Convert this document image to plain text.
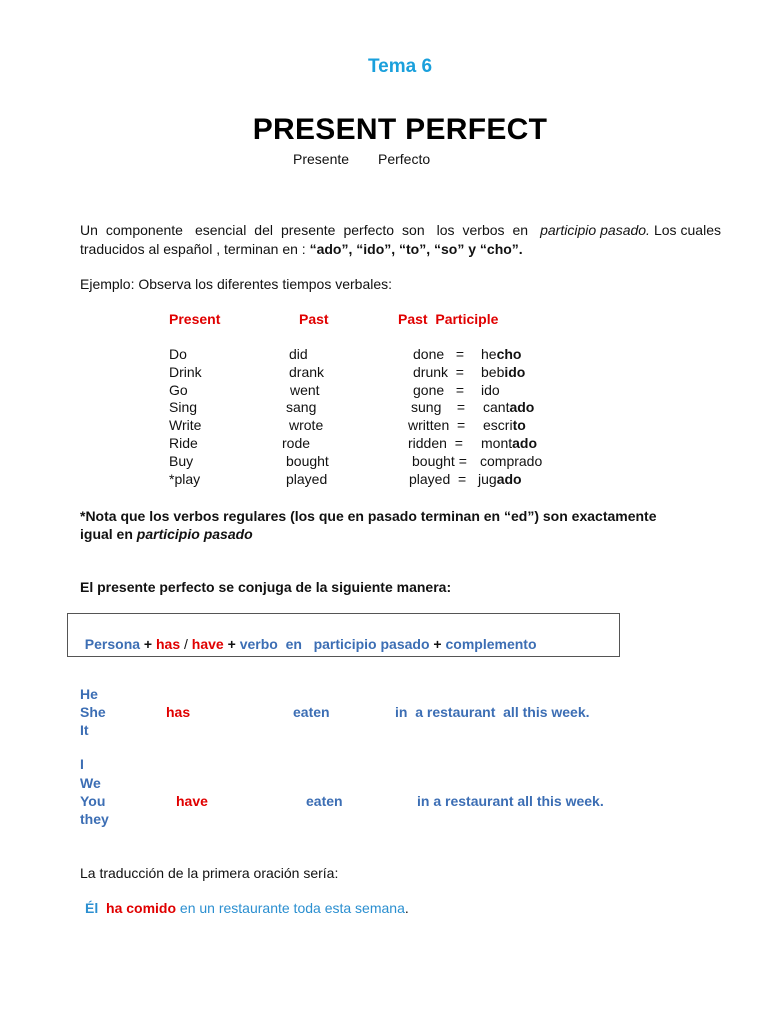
Tema 6
PRESENT PERFECT
Presente Perfecto
Un  componente   esencial  del  presente  perfecto  son   los  verbos  en   participio pasado. Los cuales traducidos al español , terminan en : “ado”, “ido”, “to”, “so” y “cho”.
Ejemplo: Observa los diferentes tiempos verbales:
Present	Past	Past  Participle
Do	did	done   = hecho
Drink	drank	drunk  = bebido
Go	went	gone   = ido
Sing	sang	sung    = cantado
Write	wrote	written  = escrito
Ride	rode	ridden  = montado
Buy	bought	bought = comprado
*play	played	played  = jugado
*Nota que los verbos regulares (los que en pasado terminan en “ed”) son exactamente
igual en participio pasado
El presente perfecto se conjuga de la siguiente manera:

Persona + has / have + verbo  en   participio pasado + complemento

He
She
It
has	eaten	in  a restaurant  all this week.
I
We
You
they
have	eaten	in a restaurant all this week.
La traducción de la primera oración sería:
Él ha comido en un restaurante toda esta semana.
